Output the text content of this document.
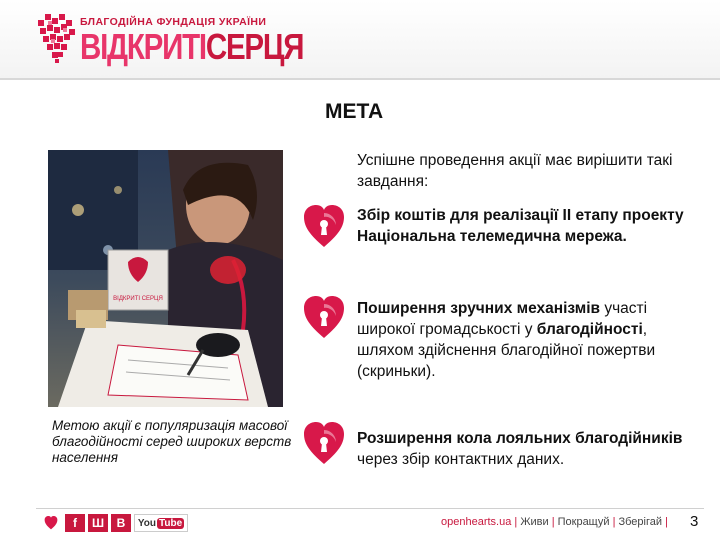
БЛАГОДІЙНА ФУНДАЦІЯ УКРАЇНИ
ВІДКРИТІСЕРЦЯ
МЕТА
ВІДКРИТІ СЕРЦЯ
Метою акції є популяризація масової благодійності серед широких верств населення
Успішне проведення акції має вирішити такі завдання:
Збір коштів для реалізації ІІ етапу проекту Національна телемедична мережа.
Поширення зручних механізмів участі широкої громадськості у благодійності, шляхом здійснення благодійної пожертви (скриньки).
Розширення кола лояльних благодійників через збір контактних даних.
f	Ш	В	You Tube	openhearts.ua | Живи | Покращуй | Зберігай | 3
